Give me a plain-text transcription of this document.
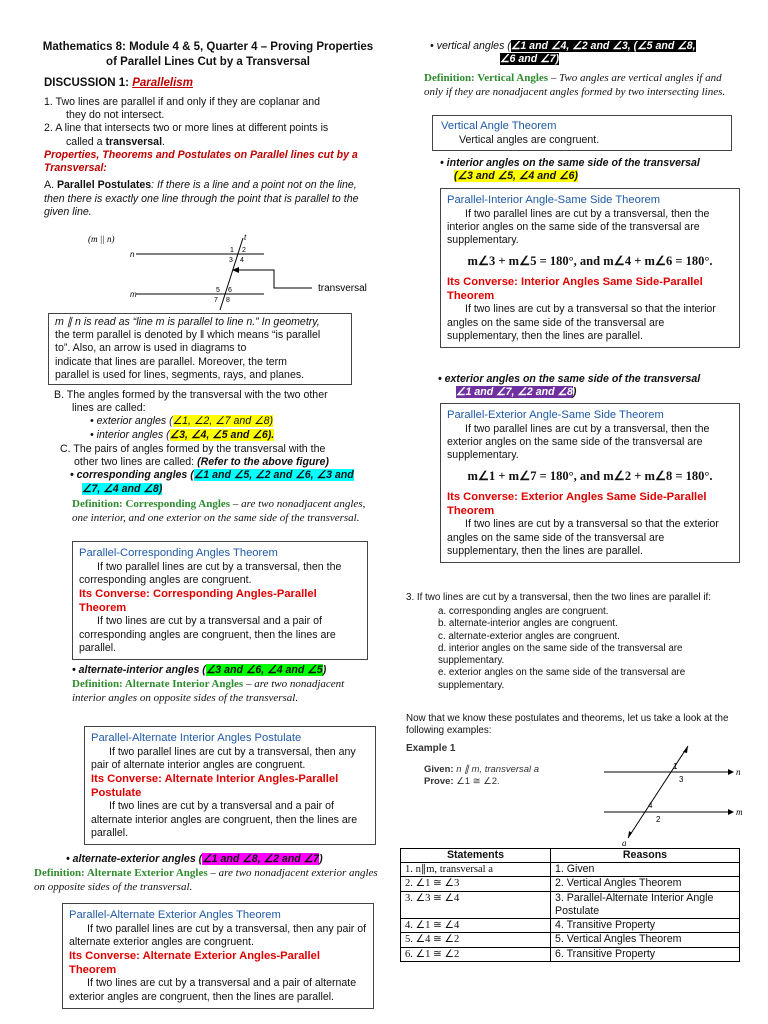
Mathematics 8: Module 4 & 5, Quarter 4 – Proving Properties
of Parallel Lines Cut by a Transversal
DISCUSSION 1: Parallelism
1. Two lines are parallel if and only if they are coplanar and
they do not intersect.
2. A line that intersects two or more lines at different points is
called a transversal.
Properties, Theorems and Postulates on Parallel lines cut by a Transversal:
A. Parallel Postulates: If there is a line and a point not on the line, then there is exactly one line through the point that is parallel to the given line.
(m || n)
n
m
t
1 2
3 4
5 6
7 8
transversal
m ∥ n is read as “line m is parallel to line n.” In geometry,
the term parallel is denoted by ‖ which means “is parallel
to”. Also, an arrow is used in diagrams to
indicate that lines are parallel. Moreover, the term
parallel is used for lines, segments, rays, and planes.
B. The angles formed by the transversal with the two other
lines are called:
• exterior angles (∠1, ∠2, ∠7 and ∠8)
• interior angles (∠3, ∠4, ∠5 and ∠6).
C. The pairs of angles formed by the transversal with the
other two lines are called: (Refer to the above figure)
• corresponding angles (∠1 and ∠5, ∠2 and ∠6, ∠3 and
∠7, ∠4 and ∠8)
Definition: Corresponding Angles – are two nonadjacent angles, one interior, and one exterior on the same side of the transversal.
Parallel-Corresponding Angles Theorem

If two parallel lines are cut by a transversal, then the corresponding angles are congruent.

Its Converse: Corresponding Angles-Parallel Theorem

If two lines are cut by a transversal and a pair of corresponding angles are congruent, then the lines are parallel.

• alternate-interior angles (∠3 and ∠6, ∠4 and ∠5)
Definition: Alternate Interior Angles – are two nonadjacent interior angles on opposite sides of the transversal.
Parallel-Alternate Interior Angles Postulate

If two parallel lines are cut by a transversal, then any pair of alternate interior angles are congruent.

Its Converse: Alternate Interior Angles-Parallel Postulate

If two lines are cut by a transversal and a pair of alternate interior angles are congruent, then the lines are parallel.

• alternate-exterior angles (∠1 and ∠8, ∠2 and ∠7)
Definition: Alternate Exterior Angles – are two nonadjacent exterior angles on opposite sides of the transversal.
Parallel-Alternate Exterior Angles Theorem

If two parallel lines are cut by a transversal, then any pair of alternate exterior angles are congruent.

Its Converse: Alternate Exterior Angles-Parallel Theorem

If two lines are cut by a transversal and a pair of alternate exterior angles are congruent, then the lines are parallel.

• vertical angles (∠1 and ∠4, ∠2 and ∠3, (∠5 and ∠8,
∠6 and ∠7)
Definition: Vertical Angles – Two angles are vertical angles if and only if they are nonadjacent angles formed by two intersecting lines.
Vertical Angle Theorem
Vertical angles are congruent.
• interior angles on the same side of the transversal
(∠3 and ∠5, ∠4 and ∠6)
Parallel-Interior Angle-Same Side Theorem

If two parallel lines are cut by a transversal, then the interior angles on the same side of the transversal are supplementary.

m∠3 + m∠5 = 180°, and m∠4 + m∠6 = 180°.
Its Converse: Interior Angles Same Side-Parallel Theorem

If two lines are cut by a transversal so that the interior angles on the same side of the transversal are supplementary, then the lines are parallel.

• exterior angles on the same side of the transversal
∠1 and ∠7, ∠2 and ∠8)
Parallel-Exterior Angle-Same Side Theorem

If two parallel lines are cut by a transversal, then the exterior angles on the same side of the transversal are supplementary.

m∠1 + m∠7 = 180°, and m∠2 + m∠8 = 180°.
Its Converse: Exterior Angles Same Side-Parallel Theorem

If two lines are cut by a transversal so that the exterior angles on the same side of the transversal are supplementary, then the lines are parallel.

3. If two lines are cut by a transversal, then the two lines are parallel if:
a. corresponding angles are congruent.
b. alternate-interior angles are congruent.
c. alternate-exterior angles are congruent.
d. interior angles on the same side of the transversal are supplementary.
e. exterior angles on the same side of the transversal are supplementary.
Now that we know these postulates and theorems, let us take a look at the following examples:
Example 1
Given: n ∥ m, transversal a
Prove: ∠1 ≅ ∠2.
n
m
a
1
3
4
2
Statements	Reasons
1. n∥m, transversal a	1. Given
2. ∠1 ≅ ∠3	2. Vertical Angles Theorem
3. ∠3 ≅ ∠4	3. Parallel-Alternate Interior Angle Postulate
4. ∠1 ≅ ∠4	4. Transitive Property
5. ∠4 ≅ ∠2	5. Vertical Angles Theorem
6. ∠1 ≅ ∠2	6. Transitive Property
